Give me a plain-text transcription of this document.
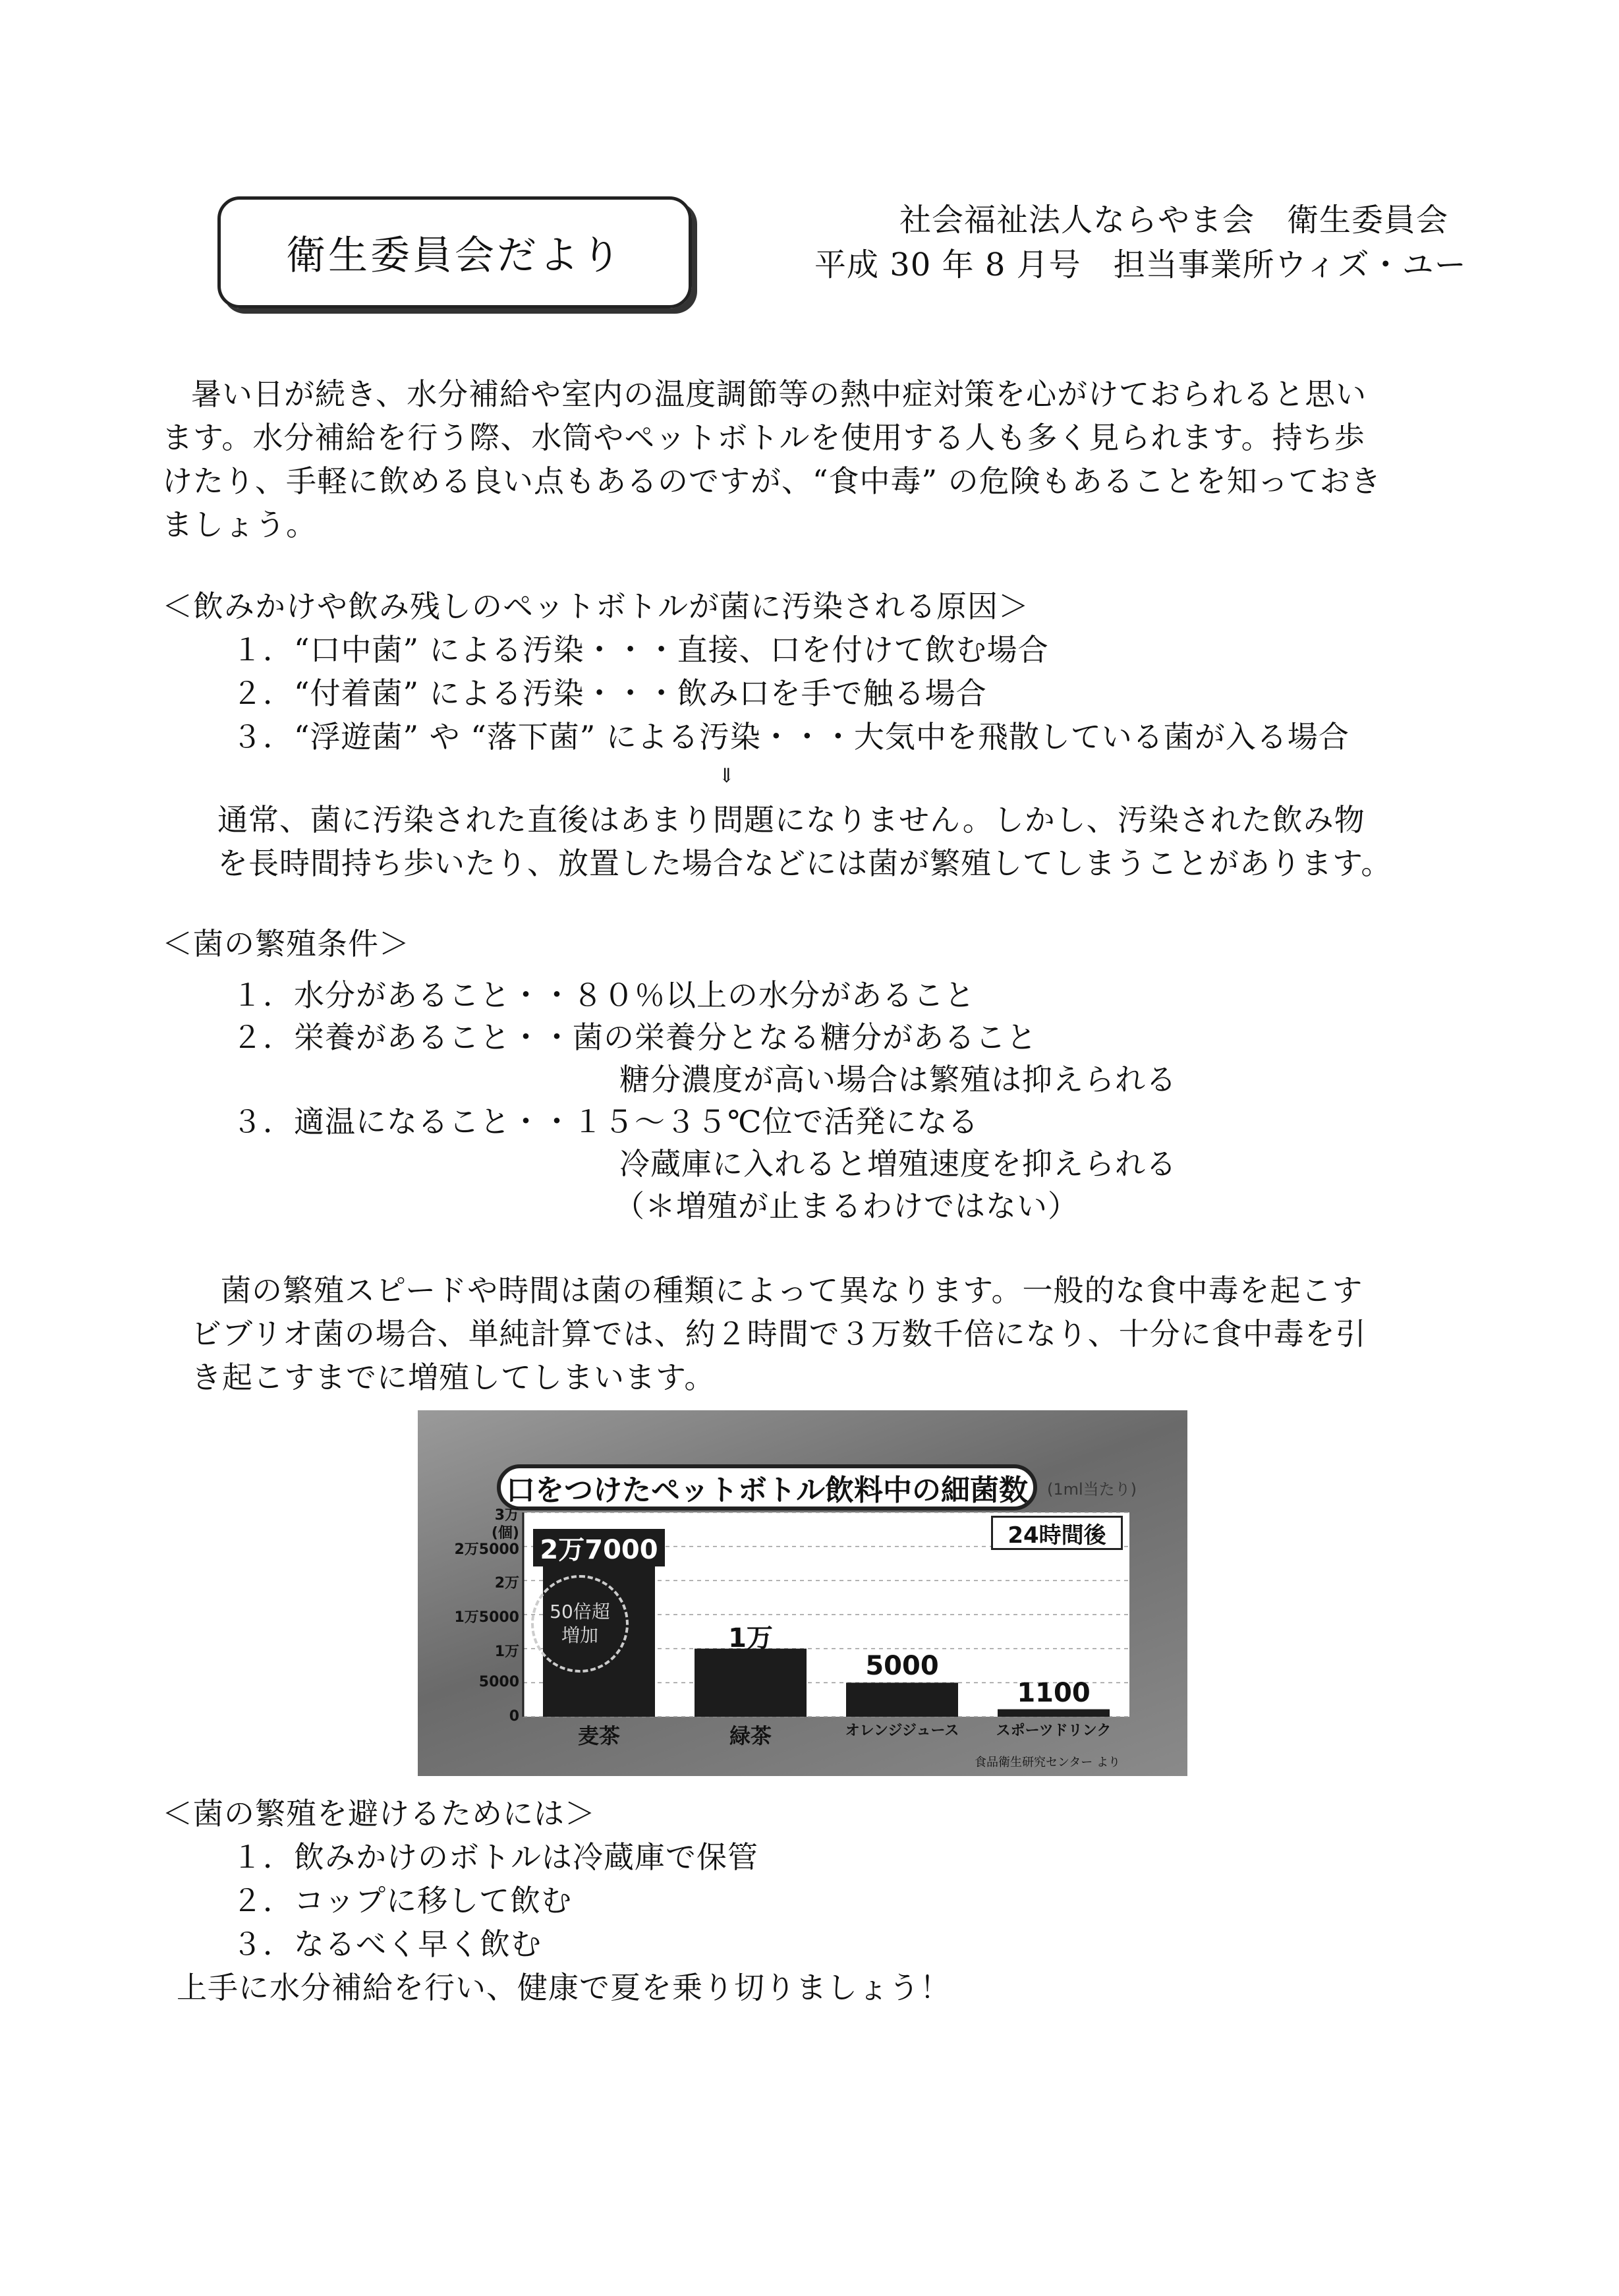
衛生委員会だより
社会福祉法人ならやま会　衛生委員会
平成 30 年 8 月号　担当事業所ウィズ・ユー
暑い日が続き、水分補給や室内の温度調節等の熱中症対策を心がけておられると思い
ます。水分補給を行う際、水筒やペットボトルを使用する人も多く見られます。持ち歩
けたり、手軽に飲める良い点もあるのですが、“食中毒” の危険もあることを知っておき
ましょう。
＜飲みかけや飲み残しのペットボトルが菌に汚染される原因＞
１．“口中菌” による汚染・・・直接、口を付けて飲む場合
２．“付着菌” による汚染・・・飲み口を手で触る場合
３．“浮遊菌” や “落下菌” による汚染・・・大気中を飛散している菌が入る場合
⇓
通常、菌に汚染された直後はあまり問題になりません。しかし、汚染された飲み物
を長時間持ち歩いたり、放置した場合などには菌が繁殖してしまうことがあります。
＜菌の繁殖条件＞
１．水分があること・・８０％以上の水分があること
２．栄養があること・・菌の栄養分となる糖分があること
糖分濃度が高い場合は繁殖は抑えられる
３．適温になること・・１５～３５℃位で活発になる
冷蔵庫に入れると増殖速度を抑えられる
（＊増殖が止まるわけではない）
菌の繁殖スピードや時間は菌の種類によって異なります。一般的な食中毒を起こす
ビブリオ菌の場合、単純計算では、約２時間で３万数千倍になり、十分に食中毒を引
き起こすまでに増殖してしまいます。
口をつけたペットボトル飲料中の細菌数 (1ml当たり)
24時間後
50倍超
増加
食品衛生研究センター より
3万
2万5000
2万
1万5000
1万
5000
0
(個)
2万7000
麦茶
1万
緑茶
5000
オレンジジュース
1100
スポーツドリンク
＜菌の繁殖を避けるためには＞
１．飲みかけのボトルは冷蔵庫で保管
２．コップに移して飲む
３．なるべく早く飲む
上手に水分補給を行い、健康で夏を乗り切りましょう！
